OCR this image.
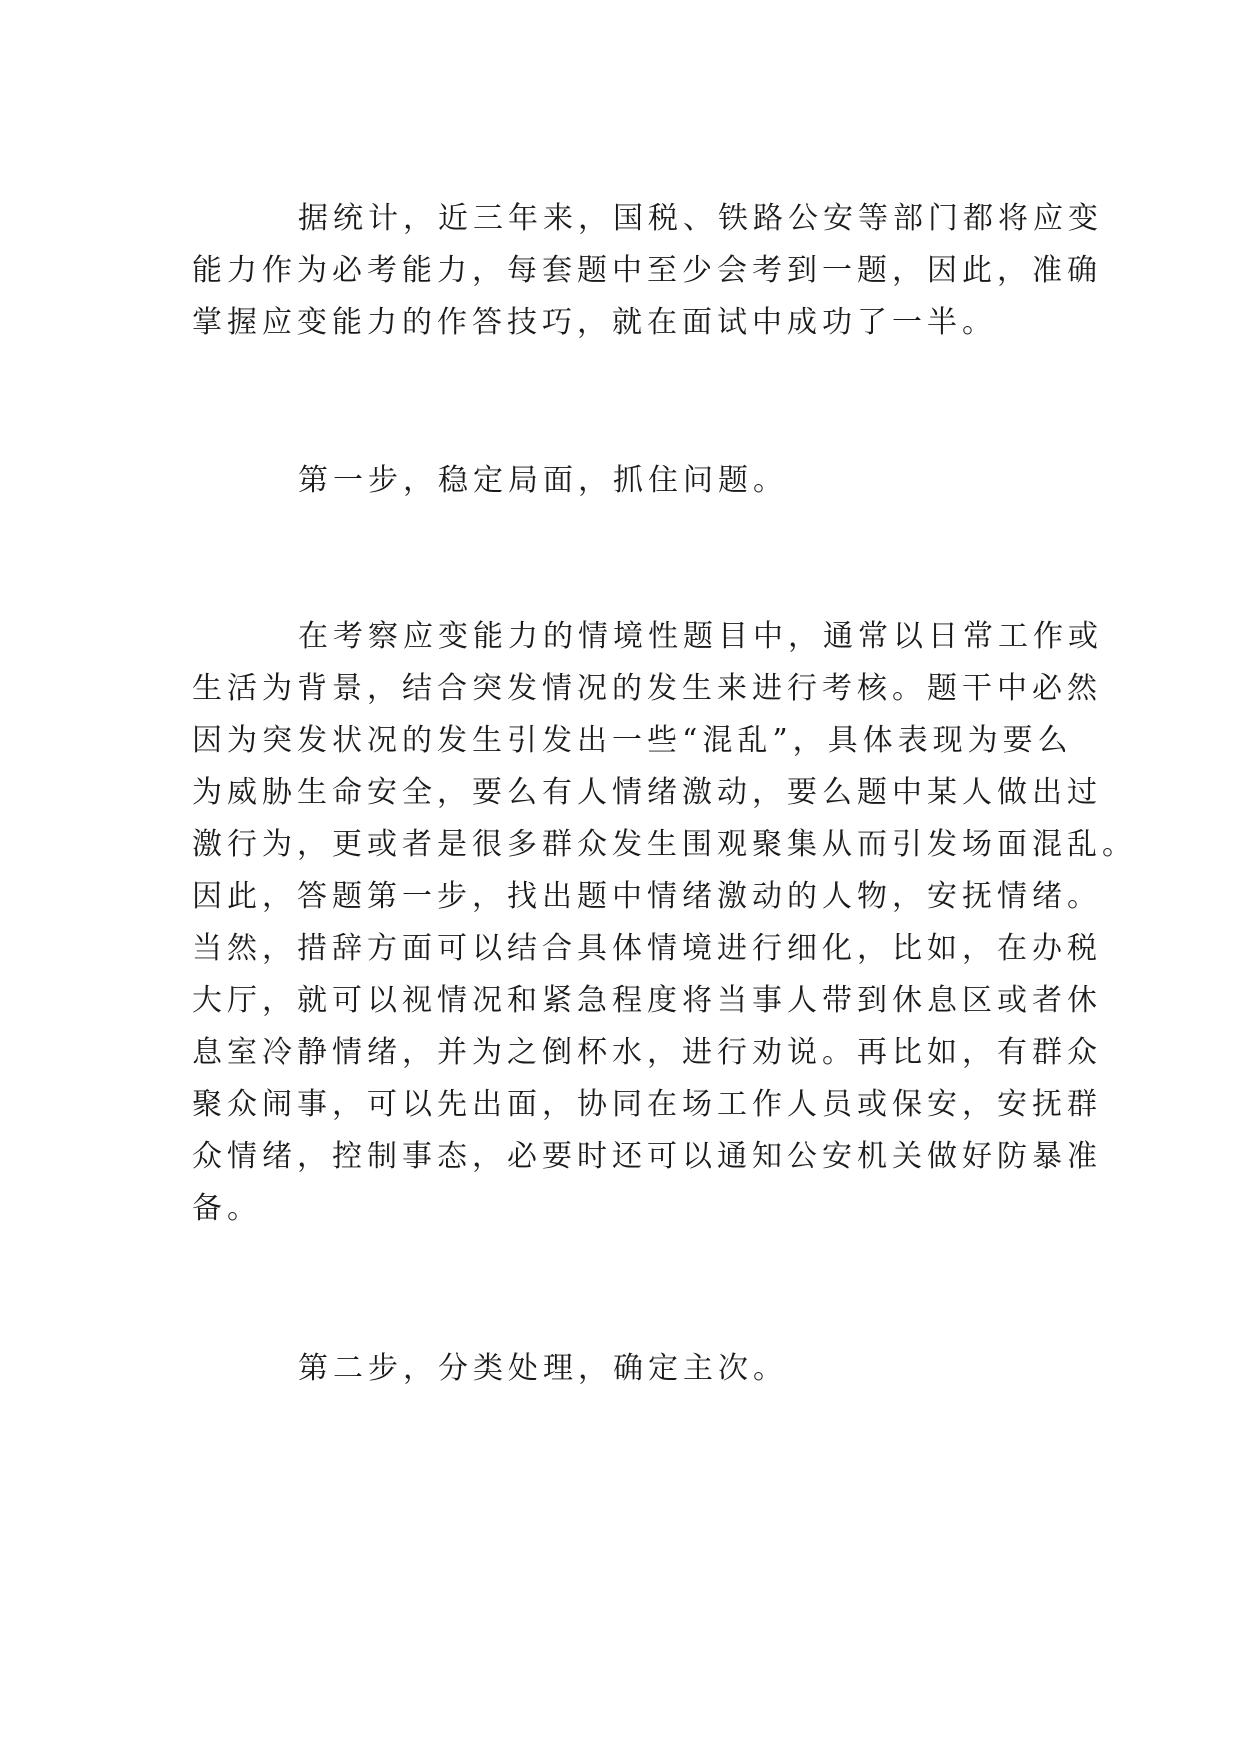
据统计，近三年来，国税、铁路公安等部门都将应变
能力作为必考能力，每套题中至少会考到一题，因此，准确
掌握应变能力的作答技巧，就在面试中成功了一半。
第一步，稳定局面，抓住问题。
在考察应变能力的情境性题目中，通常以日常工作或
生活为背景，结合突发情况的发生来进行考核。题干中必然
因为突发状况的发生引发出一些“混乱”，具体表现为要么
为威胁生命安全，要么有人情绪激动，要么题中某人做出过
激行为，更或者是很多群众发生围观聚集从而引发场面混乱。
因此，答题第一步，找出题中情绪激动的人物，安抚情绪。
当然，措辞方面可以结合具体情境进行细化，比如，在办税
大厅，就可以视情况和紧急程度将当事人带到休息区或者休
息室冷静情绪，并为之倒杯水，进行劝说。再比如，有群众
聚众闹事，可以先出面，协同在场工作人员或保安，安抚群
众情绪，控制事态，必要时还可以通知公安机关做好防暴准
备。
第二步，分类处理，确定主次。
